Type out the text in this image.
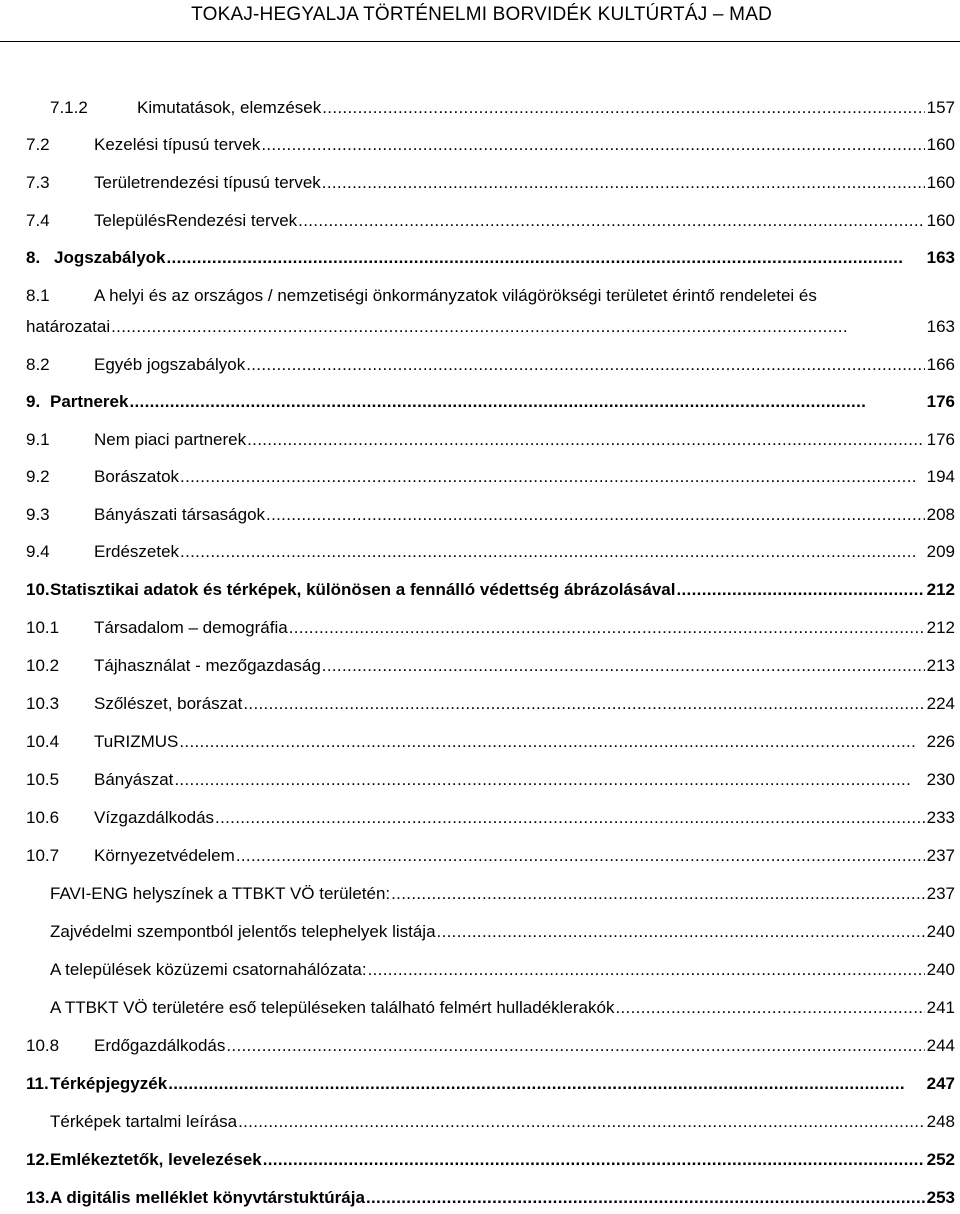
TOKAJ-HEGYALJA TÖRTÉNELMI BORVIDÉK KULTÚRTÁJ – MAD
7.1.2	Kimutatások, elemzések . . .	157
7.2	Kezelési típusú tervek . . .	160
7.3	Területrendezési típusú tervek . . .	160
7.4	TelepülésRendezési tervek . . .	160
8. Jogszabályok . . .	163
8.1	A helyi és az országos / nemzetiségi önkormányzatok világörökségi területet érintő rendeletei és
határozatai . . .	163
8.2	Egyéb jogszabályok . . .	166
9. Partnerek . . .	176
9.1	Nem piaci partnerek . . .	176
9.2	Borászatok . . .	194
9.3	Bányászati társaságok . . .	208
9.4	Erdészetek . . .	209
10. Statisztikai adatok és térképek, különösen a fennálló védettség ábrázolásával . . .	212
10.1 Társadalom – demográfia . . .	212
10.2 Tájhasználat - mezőgazdaság . . .	213
10.3 Szőlészet, borászat . . .	224
10.4 TuRIZMUS . . .	226
10.5 Bányászat . . .	230
10.6 Vízgazdálkodás . . .	233
10.7 Környezetvédelem . . .	237
FAVI-ENG helyszínek a TTBKT VÖ területén: . . .	237
Zajvédelmi szempontból jelentős telephelyek listája . . .	240
A települések közüzemi csatornahálózata: . . .	240
A TTBKT VÖ területére eső településeken található felmért hulladéklerakók . . .	241
10.8 Erdőgazdálkodás . . .	244
11. Térképjegyzék . . .	247
Térképek tartalmi leírása . . .	248
12. Emlékeztetők, levelezések . . .	252
13. A digitális melléklet könyvtárstuktúrája . . .	253
